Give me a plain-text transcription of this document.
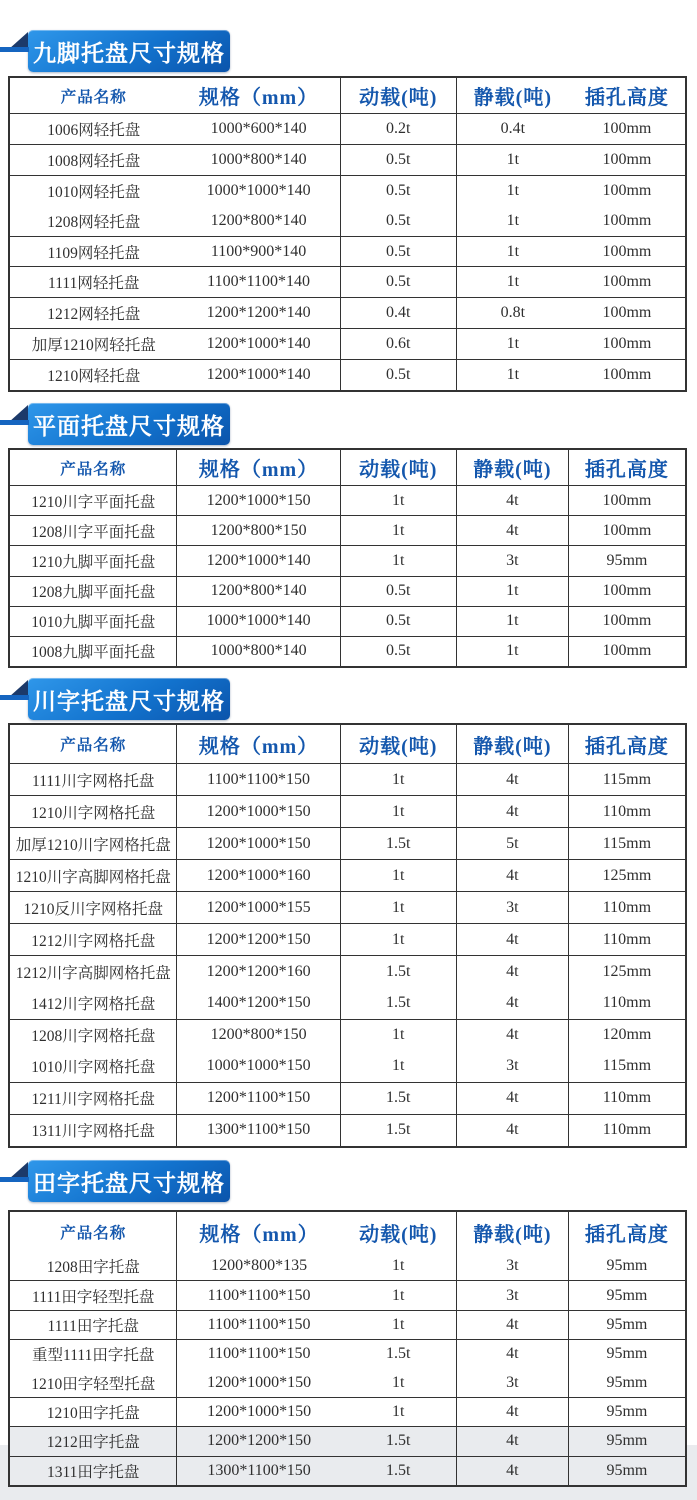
九脚托盘尺寸规格
产品名称	规格（mm）	动载(吨)	静载(吨)	插孔高度
1006网轻托盘	1000*600*140	0.2t	0.4t	100mm
1008网轻托盘	1000*800*140	0.5t	1t	100mm
1010网轻托盘	1000*1000*140	0.5t	1t	100mm
1208网轻托盘	1200*800*140	0.5t	1t	100mm
1109网轻托盘	1100*900*140	0.5t	1t	100mm
1111网轻托盘	1100*1100*140	0.5t	1t	100mm
1212网轻托盘	1200*1200*140	0.4t	0.8t	100mm
加厚1210网轻托盘	1200*1000*140	0.6t	1t	100mm
1210网轻托盘	1200*1000*140	0.5t	1t	100mm
平面托盘尺寸规格
产品名称	规格（mm）	动载(吨)	静载(吨)	插孔高度
1210川字平面托盘	1200*1000*150	1t	4t	100mm
1208川字平面托盘	1200*800*150	1t	4t	100mm
1210九脚平面托盘	1200*1000*140	1t	3t	95mm
1208九脚平面托盘	1200*800*140	0.5t	1t	100mm
1010九脚平面托盘	1000*1000*140	0.5t	1t	100mm
1008九脚平面托盘	1000*800*140	0.5t	1t	100mm
川字托盘尺寸规格
产品名称	规格（mm）	动载(吨)	静载(吨)	插孔高度
1111川字网格托盘	1100*1100*150	1t	4t	115mm
1210川字网格托盘	1200*1000*150	1t	4t	110mm
加厚1210川字网格托盘	1200*1000*150	1.5t	5t	115mm
1210川字高脚网格托盘	1200*1000*160	1t	4t	125mm
1210反川字网格托盘	1200*1000*155	1t	3t	110mm
1212川字网格托盘	1200*1200*150	1t	4t	110mm
1212川字高脚网格托盘	1200*1200*160	1.5t	4t	125mm
1412川字网格托盘	1400*1200*150	1.5t	4t	110mm
1208川字网格托盘	1200*800*150	1t	4t	120mm
1010川字网格托盘	1000*1000*150	1t	3t	115mm
1211川字网格托盘	1200*1100*150	1.5t	4t	110mm
1311川字网格托盘	1300*1100*150	1.5t	4t	110mm
田字托盘尺寸规格
产品名称	规格（mm）	动载(吨)	静载(吨)	插孔高度
1208田字托盘	1200*800*135	1t	3t	95mm
1111田字轻型托盘	1100*1100*150	1t	3t	95mm
1111田字托盘	1100*1100*150	1t	4t	95mm
重型1111田字托盘	1100*1100*150	1.5t	4t	95mm
1210田字轻型托盘	1200*1000*150	1t	3t	95mm
1210田字托盘	1200*1000*150	1t	4t	95mm
1212田字托盘	1200*1200*150	1.5t	4t	95mm
1311田字托盘	1300*1100*150	1.5t	4t	95mm
